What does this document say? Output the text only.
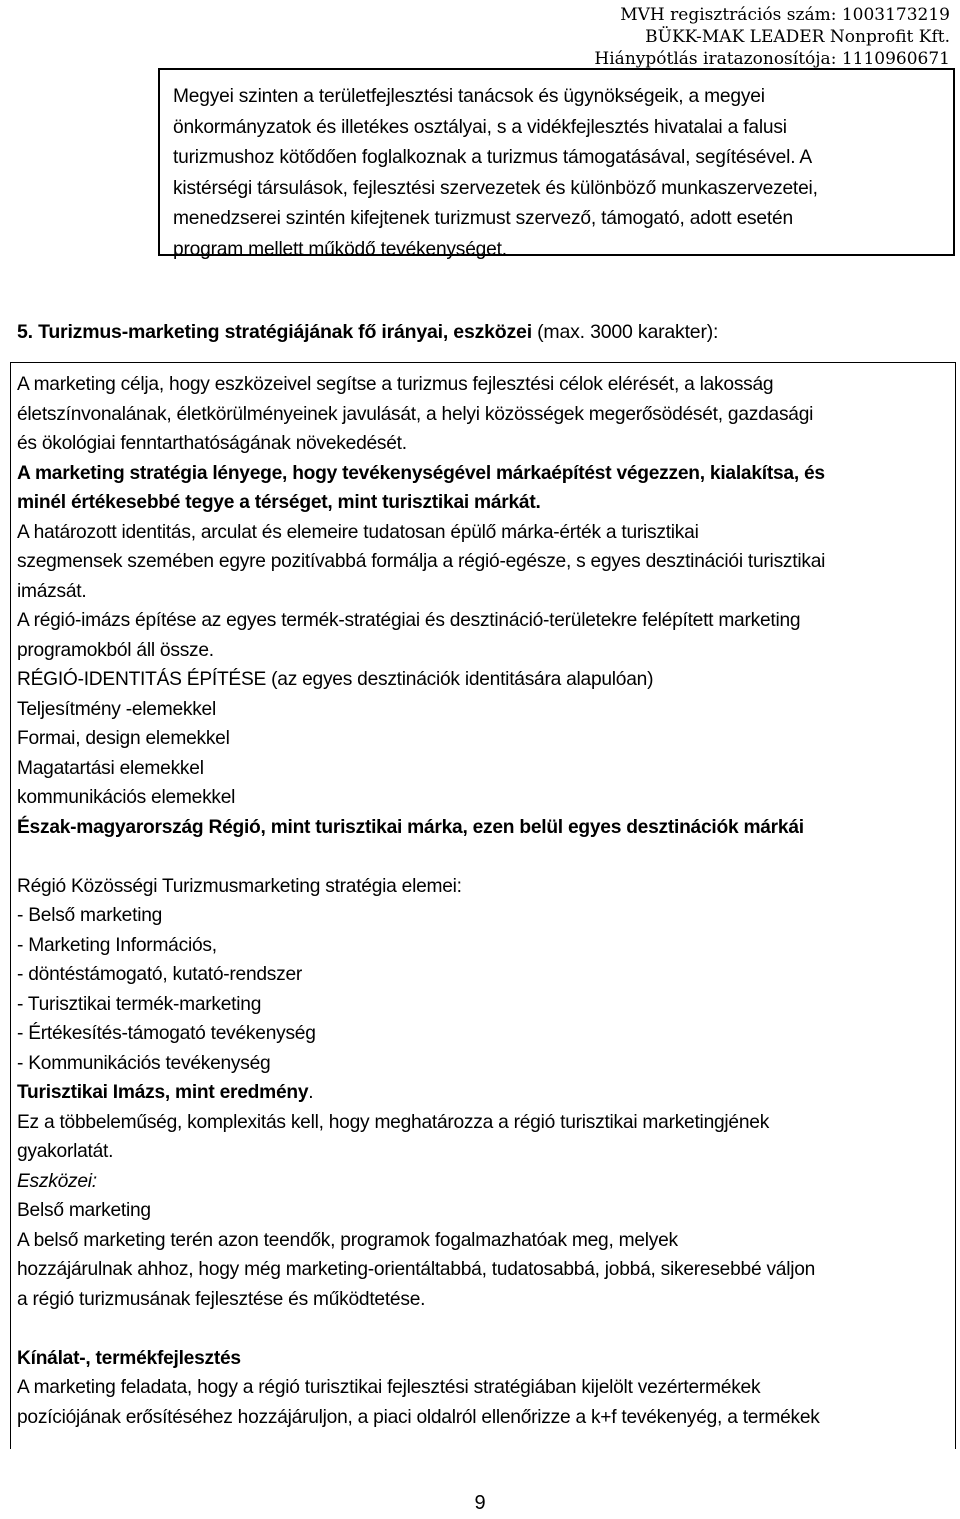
MVH regisztrációs szám: 1003173219
BÜKK-MAK LEADER Nonprofit Kft.
Hiánypótlás iratazonosítója: 1110960671

Megyei szinten a területfejlesztési tanácsok és ügynökségeik, a megyei

önkormányzatok és illetékes osztályai, s a vidékfejlesztés hivatalai a falusi

turizmushoz kötődően foglalkoznak a turizmus támogatásával, segítésével. A

kistérségi társulások, fejlesztési szervezetek és különböző munkaszervezetei,

menedzserei szintén kifejtenek turizmust szervező, támogató, adott esetén

program mellett működő tevékenységet.

5. Turizmus-marketing stratégiájának fő irányai, eszközei (max. 3000 karakter):

A marketing célja, hogy eszközeivel segítse a turizmus fejlesztési célok elérését, a lakosság

életszínvonalának, életkörülményeinek javulását, a helyi közösségek megerősödését, gazdasági

és ökológiai fenntarthatóságának növekedését.

A marketing stratégia lényege, hogy tevékenységével márkaépítést végezzen, kialakítsa, és

minél értékesebbé tegye a térséget, mint turisztikai márkát.

A határozott identitás, arculat és elemeire tudatosan épülő márka-érték a turisztikai

szegmensek szemében egyre pozitívabbá formálja a régió-egésze, s egyes desztinációi turisztikai

imázsát.

A régió-imázs építése az egyes termék-stratégiai és desztináció-területekre felépített marketing

programokból áll össze.

RÉGIÓ-IDENTITÁS ÉPÍTÉSE (az egyes desztinációk identitására alapulóan)

Teljesítmény -elemekkel

Formai, design elemekkel

Magatartási elemekkel

kommunikációs elemekkel

Észak-magyarország Régió, mint turisztikai márka, ezen belül egyes desztinációk márkái

Régió Közösségi Turizmusmarketing stratégia elemei:

- Belső marketing

- Marketing Információs,

- döntéstámogató, kutató-rendszer

- Turisztikai termék-marketing

- Értékesítés-támogató tevékenység

- Kommunikációs tevékenység

Turisztikai Imázs, mint eredmény.

Ez a többeleműség, komplexitás kell, hogy meghatározza a régió turisztikai marketingjének

gyakorlatát.

Eszközei:

Belső marketing

A belső marketing terén azon teendők, programok fogalmazhatóak meg, melyek

hozzájárulnak ahhoz, hogy még marketing-orientáltabbá, tudatosabbá, jobbá, sikeresebbé váljon

a régió turizmusának fejlesztése és működtetése.

Kínálat-, termékfejlesztés

A marketing feladata, hogy a régió turisztikai fejlesztési stratégiában kijelölt vezértermékek

pozíciójának erősítéséhez hozzájáruljon, a piaci oldalról ellenőrizze a k+f tevékenyég, a termékek

9
